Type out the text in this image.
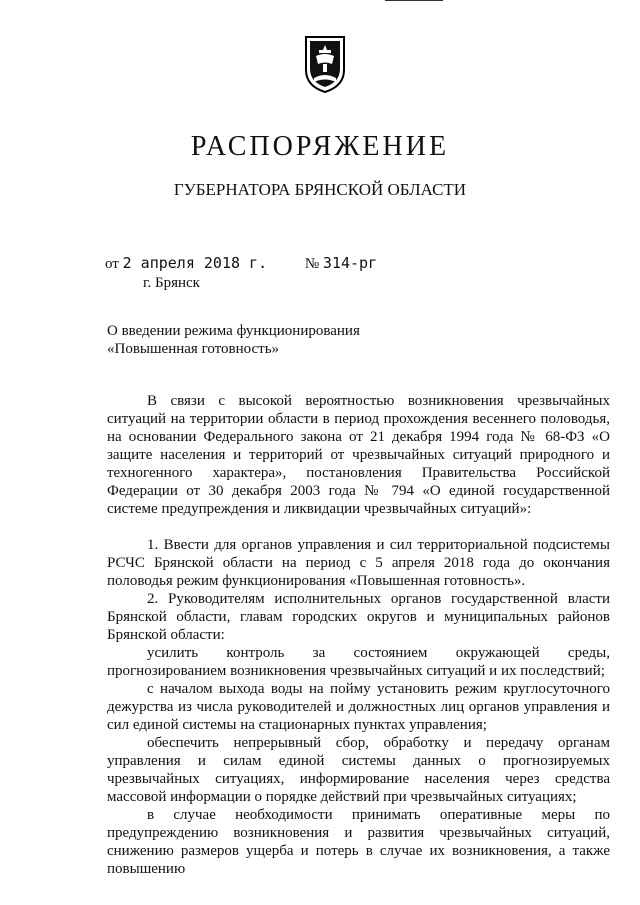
РАСПОРЯЖЕНИЕ
ГУБЕРНАТОРА БРЯНСКОЙ ОБЛАСТИ
от 2 апреля 2018 г.	№ 314-рг
г. Брянск
О введении режима функционирования
«Повышенная готовность»

В связи с высокой вероятностью возникновения чрезвычайных ситуаций на территории области в период прохождения весеннего половодья, на основании Федерального закона от 21 декабря 1994 года № 68-ФЗ «О защите населения и территорий от чрезвычайных ситуаций природного и техногенного характера», постановления Правительства Российской Федерации от 30 декабря 2003 года № 794 «О единой государственной системе предупреждения и ликвидации чрезвычайных ситуаций»:

1. Ввести для органов управления и сил территориальной подсистемы РСЧС Брянской области на период с 5 апреля 2018 года до окончания половодья режим функционирования «Повышенная готовность».

2. Руководителям исполнительных органов государственной власти Брянской области, главам городских округов и муниципальных районов Брянской области:

усилить контроль за состоянием окружающей среды, прогнозированием возникновения чрезвычайных ситуаций и их последствий;

с началом выхода воды на пойму установить режим круглосуточного дежурства из числа руководителей и должностных лиц органов управления и сил единой системы на стационарных пунктах управления;

обеспечить непрерывный сбор, обработку и передачу органам управления и силам единой системы данных о прогнозируемых чрезвычайных ситуациях, информирование населения через средства массовой информации о порядке действий при чрезвычайных ситуациях;

в случае необходимости принимать оперативные меры по предупреждению возникновения и развития чрезвычайных ситуаций, снижению размеров ущерба и потерь в случае их возникновения, а также повышению
